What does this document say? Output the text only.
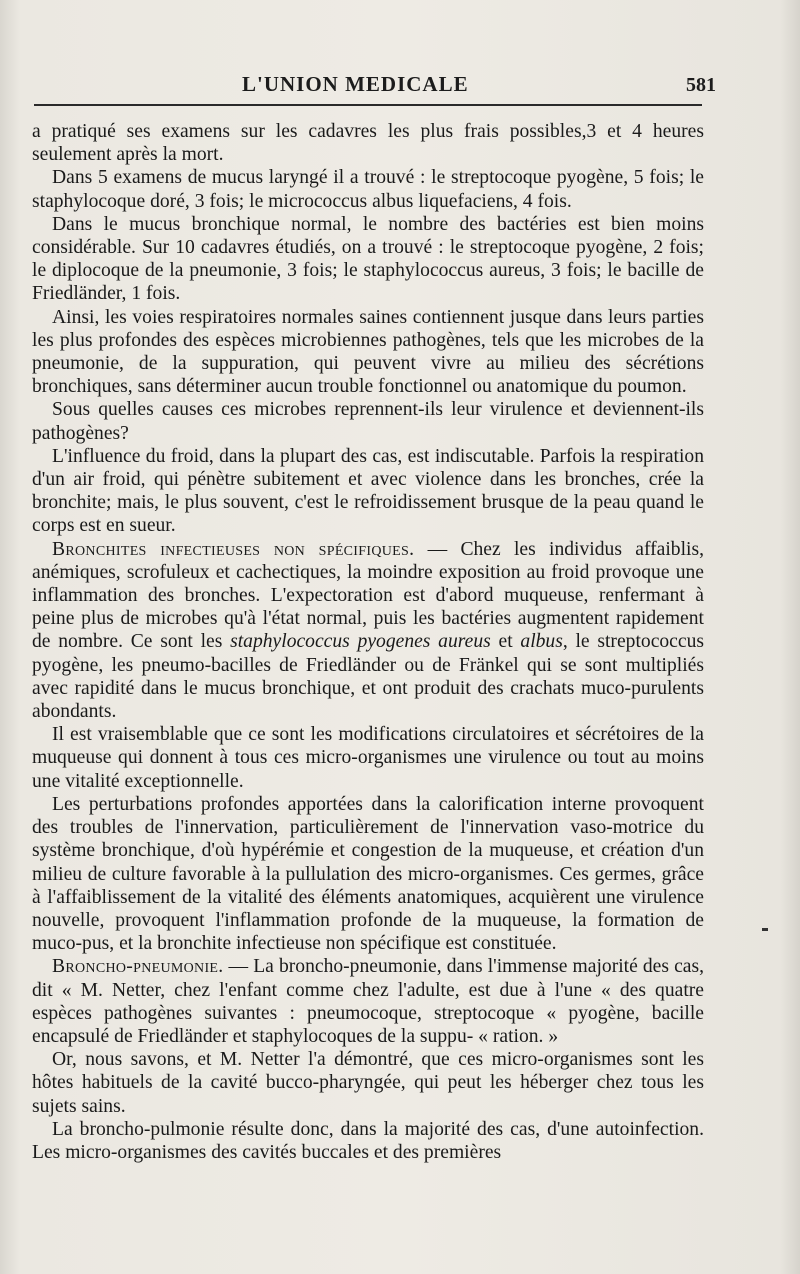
L'UNION MEDICALE	581

a pratiqué ses examens sur les cadavres les plus frais possibles,3 et 4 heures seulement après la mort.

Dans 5 examens de mucus laryngé il a trouvé : le streptocoque pyogène, 5 fois; le staphylocoque doré, 3 fois; le micrococcus albus liquefaciens, 4 fois.

Dans le mucus bronchique normal, le nombre des bactéries est bien moins considérable. Sur 10 cadavres étudiés, on a trouvé : le streptocoque pyogène, 2 fois; le diplocoque de la pneumonie, 3 fois; le staphylococcus aureus, 3 fois; le bacille de Friedländer, 1 fois.

Ainsi, les voies respiratoires normales saines contiennent jusque dans leurs parties les plus profondes des espèces microbiennes pathogènes, tels que les microbes de la pneumonie, de la suppuration, qui peuvent vivre au milieu des sécrétions bronchiques, sans déterminer aucun trouble fonctionnel ou anatomique du poumon.

Sous quelles causes ces microbes reprennent-ils leur virulence et deviennent-ils pathogènes?

L'influence du froid, dans la plupart des cas, est indiscutable. Parfois la respiration d'un air froid, qui pénètre subitement et avec violence dans les bronches, crée la bronchite; mais, le plus souvent, c'est le refroidissement brusque de la peau quand le corps est en sueur.

Bronchites infectieuses non spécifiques. — Chez les individus affaiblis, anémiques, scrofuleux et cachectiques, la moindre exposition au froid provoque une inflammation des bronches. L'expectoration est d'abord muqueuse, renfermant à peine plus de microbes qu'à l'état normal, puis les bactéries augmentent rapidement de nombre. Ce sont les staphylococcus pyogenes aureus et albus, le streptococcus pyogène, les pneumo-bacilles de Friedländer ou de Fränkel qui se sont multipliés avec rapidité dans le mucus bronchique, et ont produit des crachats muco-purulents abondants.

Il est vraisemblable que ce sont les modifications circulatoires et sécrétoires de la muqueuse qui donnent à tous ces micro-organismes une virulence ou tout au moins une vitalité exceptionnelle.

Les perturbations profondes apportées dans la calorification interne provoquent des troubles de l'innervation, particulièrement de l'innervation vaso-motrice du système bronchique, d'où hypérémie et congestion de la muqueuse, et création d'un milieu de culture favorable à la pullulation des micro-organismes. Ces germes, grâce à l'affaiblissement de la vitalité des éléments anatomiques, acquièrent une virulence nouvelle, provoquent l'inflammation profonde de la muqueuse, la formation de muco-pus, et la bronchite infectieuse non spécifique est constituée.

Broncho-pneumonie. — La broncho-pneumonie, dans l'immense majorité des cas, dit « M. Netter, chez l'enfant comme chez l'adulte, est due à l'une « des quatre espèces pathogènes suivantes : pneumocoque, streptocoque « pyogène, bacille encapsulé de Friedländer et staphylocoques de la suppu- « ration. »

Or, nous savons, et M. Netter l'a démontré, que ces micro-organismes sont les hôtes habituels de la cavité bucco-pharyngée, qui peut les héberger chez tous les sujets sains.

La broncho-pulmonie résulte donc, dans la majorité des cas, d'une autoinfection. Les micro-organismes des cavités buccales et des premières
